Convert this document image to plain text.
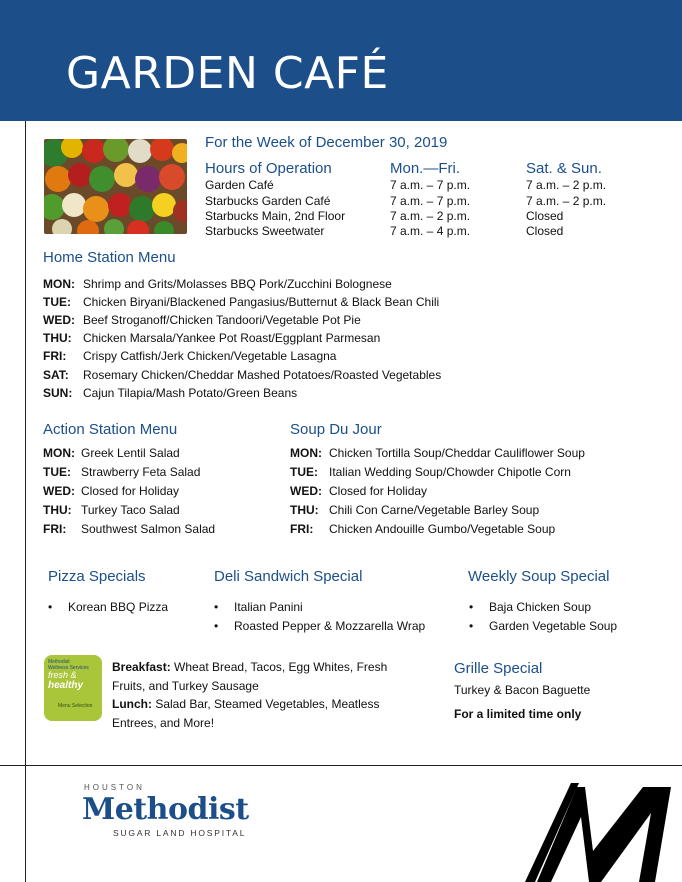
GARDEN CAFÉ
For the Week of December 30, 2019
Hours of Operation	Mon.—Fri.	Sat. & Sun.
Garden Café	7 a.m. – 7 p.m.	7 a.m. – 2 p.m.
Starbucks Garden Café	7 a.m. – 7 p.m.	7 a.m. – 2 p.m.
Starbucks Main, 2nd Floor	7 a.m. – 2 p.m.	Closed
Starbucks Sweetwater	7 a.m. – 4 p.m.	Closed
Home Station Menu
MON: Shrimp and Grits/Molasses BBQ Pork/Zucchini Bolognese
TUE: Chicken Biryani/Blackened Pangasius/Butternut & Black Bean Chili
WED: Beef Stroganoff/Chicken Tandoori/Vegetable Pot Pie
THU: Chicken Marsala/Yankee Pot Roast/Eggplant Parmesan
FRI: Crispy Catfish/Jerk Chicken/Vegetable Lasagna
SAT: Rosemary Chicken/Cheddar Mashed Potatoes/Roasted Vegetables
SUN: Cajun Tilapia/Mash Potato/Green Beans
Action Station Menu
MON: Greek Lentil Salad
TUE: Strawberry Feta Salad
WED: Closed for Holiday
THU: Turkey Taco Salad
FRI: Southwest Salmon Salad
Soup Du Jour
MON: Chicken Tortilla Soup/Cheddar Cauliflower Soup
TUE: Italian Wedding Soup/Chowder Chipotle Corn
WED: Closed for Holiday
THU: Chili Con Carne/Vegetable Barley Soup
FRI: Chicken Andouille Gumbo/Vegetable Soup
Pizza Specials
• Korean BBQ Pizza
Deli Sandwich Special
• Italian Panini
• Roasted Pepper & Mozzarella Wrap
Weekly Soup Special
• Baja Chicken Soup
• Garden Vegetable Soup
Methodist
Wellness Services
fresh &
healthy
Menu Selection
Breakfast: Wheat Bread, Tacos, Egg Whites, Fresh Fruits, and Turkey Sausage
Lunch: Salad Bar, Steamed Vegetables, Meatless Entrees, and More!
Grille Special
Turkey & Bacon Baguette
For a limited time only
HOUSTON
Methodist
SUGAR LAND HOSPITAL
